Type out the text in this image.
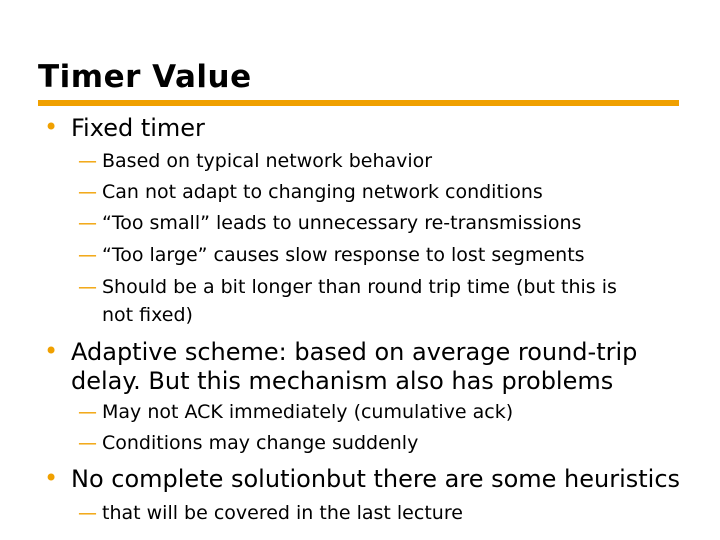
Timer Value
• Fixed timer
— Based on typical network behavior
— Can not adapt to changing network conditions
— “Too small” leads to unnecessary re-transmissions
— “Too large” causes slow response to lost segments
— Should be a bit longer than round trip time (but this is
not fixed)
• Adaptive scheme: based on average round-trip
delay. But this mechanism also has problems
— May not ACK immediately (cumulative ack)
— Conditions may change suddenly
• No complete solutionbut there are some heuristics
— that will be covered in the last lecture
